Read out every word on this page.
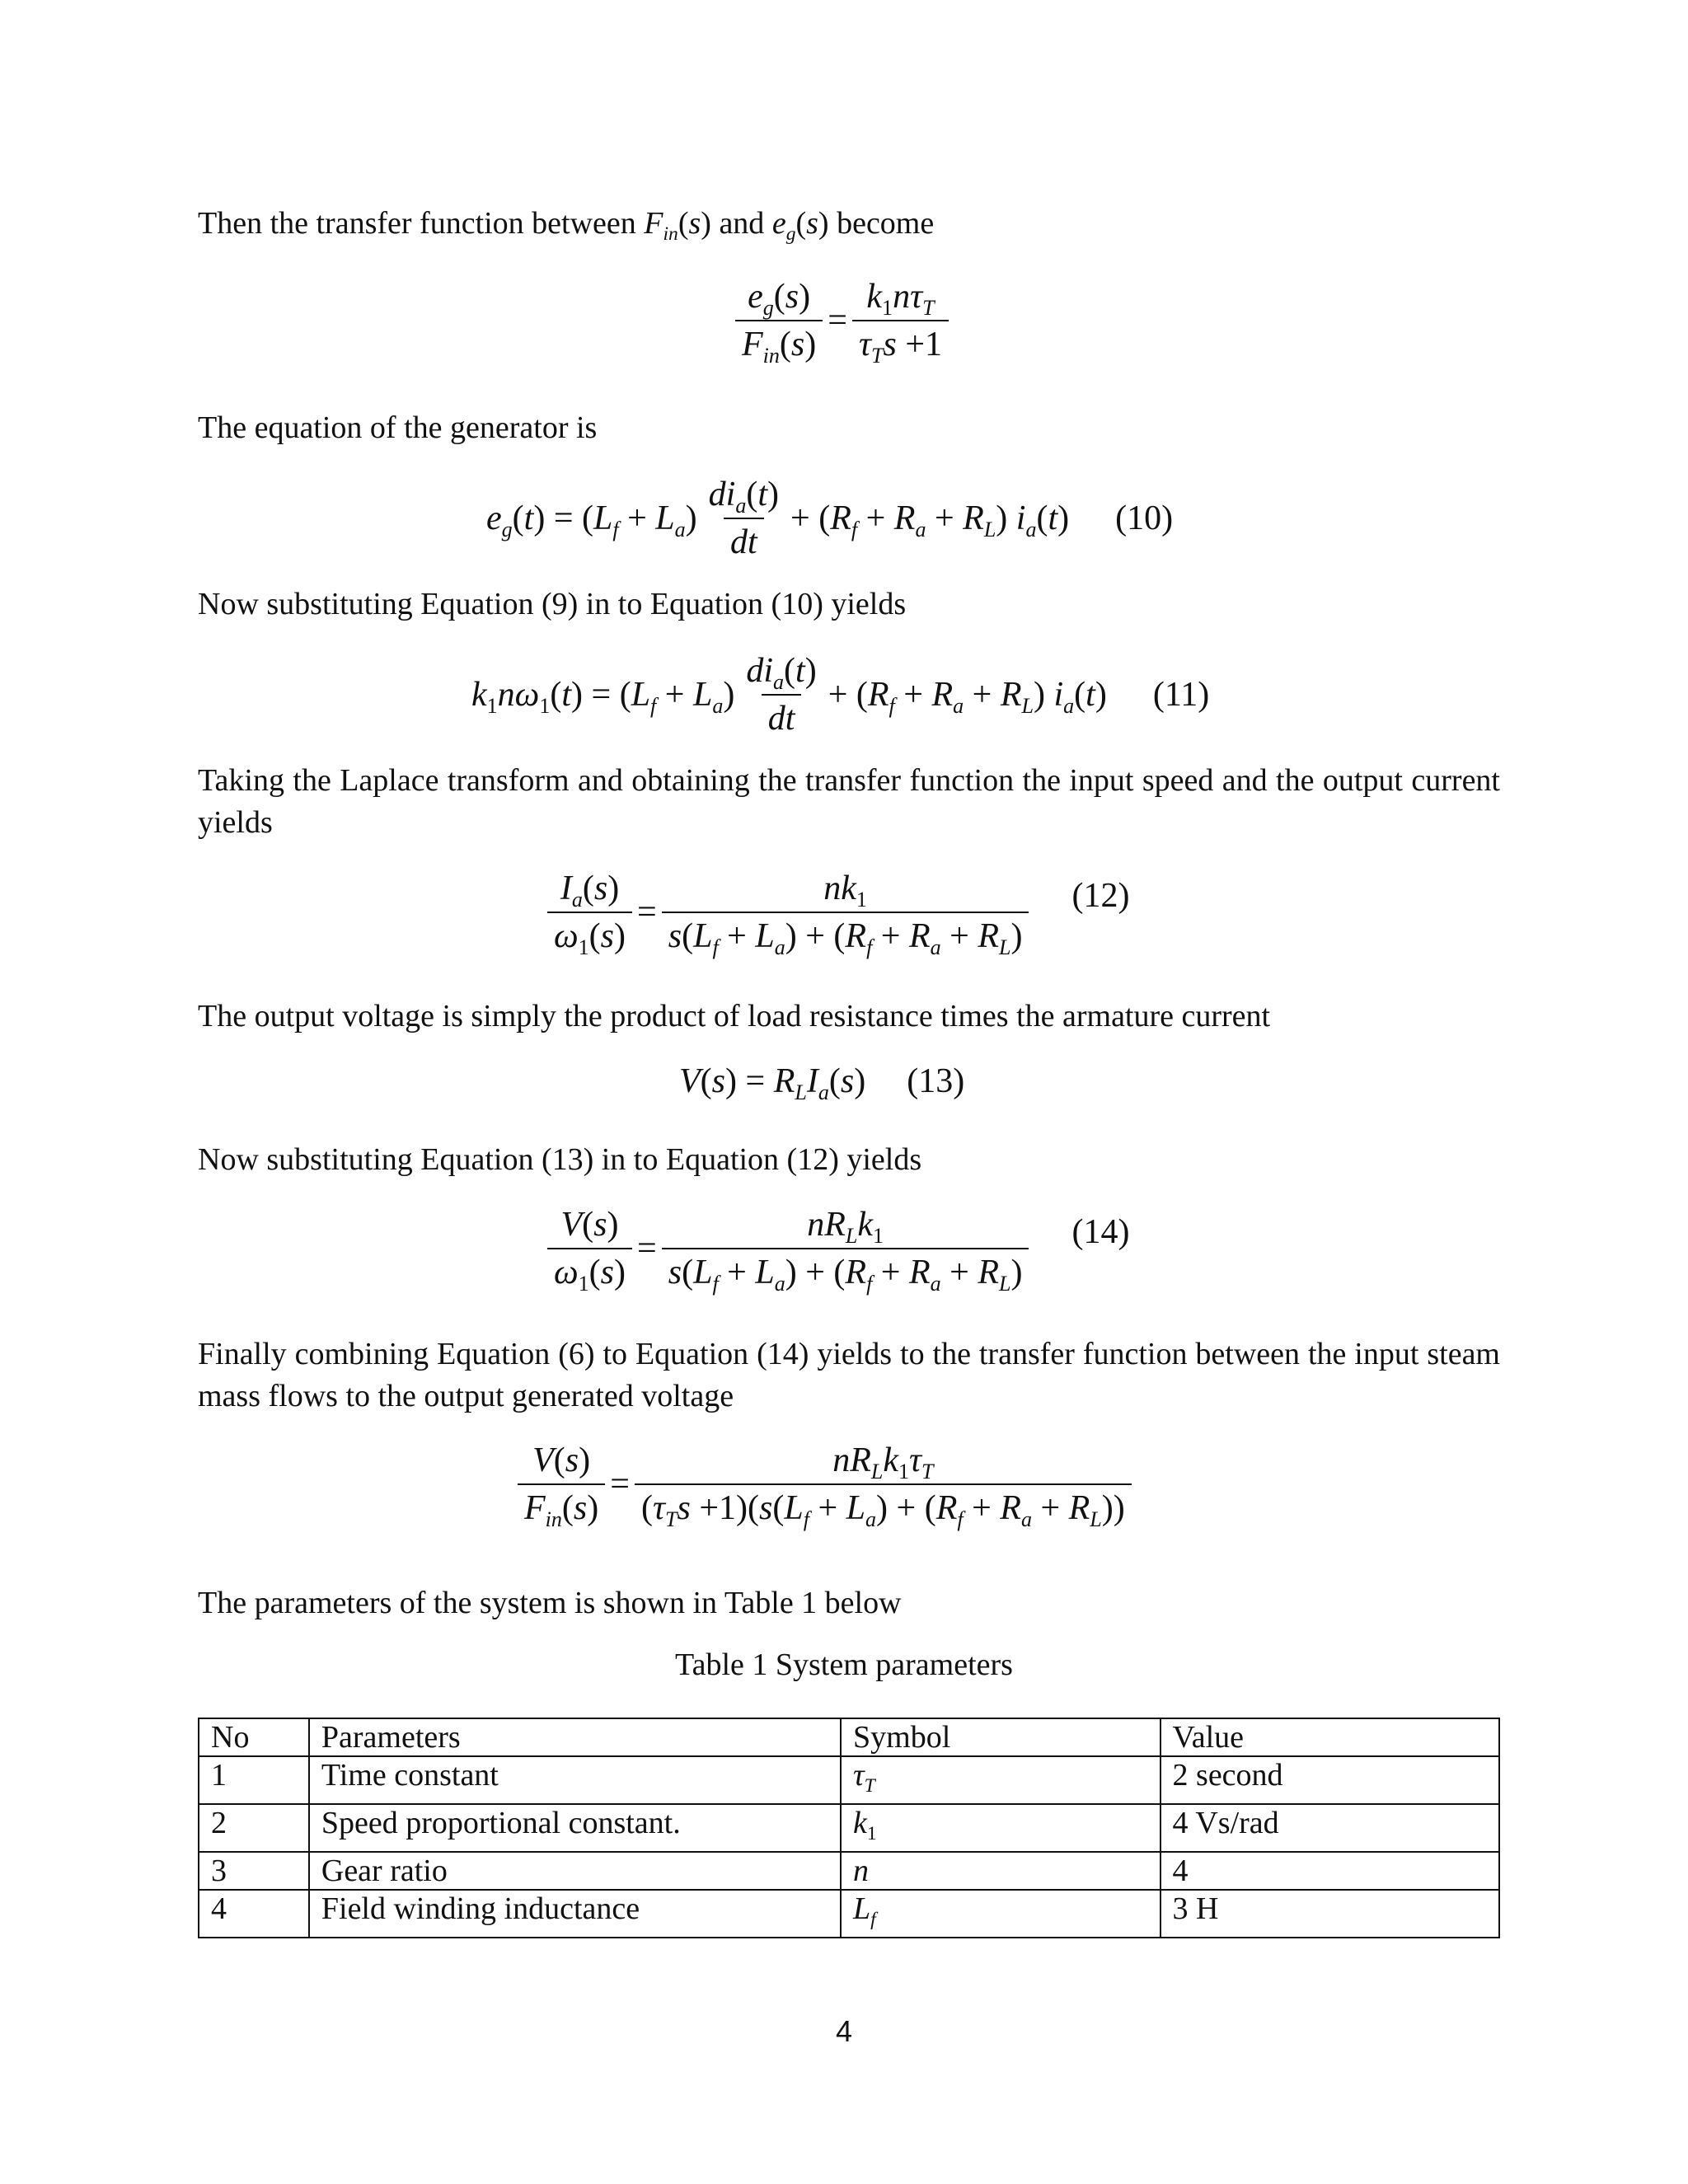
Then the transfer function between $F_{in}(s)$ and $e_g(s)$ become

$\frac{e_g(s)}{F_{in}(s)} = \frac{k_1n\tau_T}{\tau_Ts +1}$

The equation of the generator is

$e_g(t) = (L_f + L_a) \frac{di_a(t)}{dt} + (R_f + R_a + R_L)$ $i_a(t)$ (10)

Now substituting Equation (9) in to Equation (10) yields

$k_1n\omega_1(t) = (L_f + L_a) \frac{di_a(t)}{dt} + (R_f + R_a + R_L)$ $i_a(t)$ (11)

Taking the Laplace transform and obtaining the transfer function the input speed and the output current yields

$\frac{I_a(s)}{\omega_1(s)} = \frac{nk_1}{s(L_f + L_a) + (R_f + R_a + R_L)} (12)$

The output voltage is simply the product of load resistance times the armature current

$V(s) = R_LI_a(s)$ (13)

Now substituting Equation (13) in to Equation (12) yields

$\frac{V(s)}{\omega_1(s)} = \frac{nR_Lk_1}{s(L_f + L_a) + (R_f + R_a + R_L)} (14)$

Finally combining Equation (6) to Equation (14) yields to the transfer function between the input steam mass flows to the output generated voltage

$\frac{V(s)}{F_{in}(s)} = \frac{nR_Lk_1\tau_T}{(\tau_Ts +1)(s(L_f + L_a) + (R_f + R_a + R_L))}$

The parameters of the system is shown in Table 1 below

Table 1 System parameters
No	Parameters	Symbol	Value
1	Time constant	$\tau_T$	2 second
2	Speed proportional constant.	$k_1$	4 Vs/rad
3	Gear ratio	n	4
4	Field winding inductance	$L_f$	3 H
4
